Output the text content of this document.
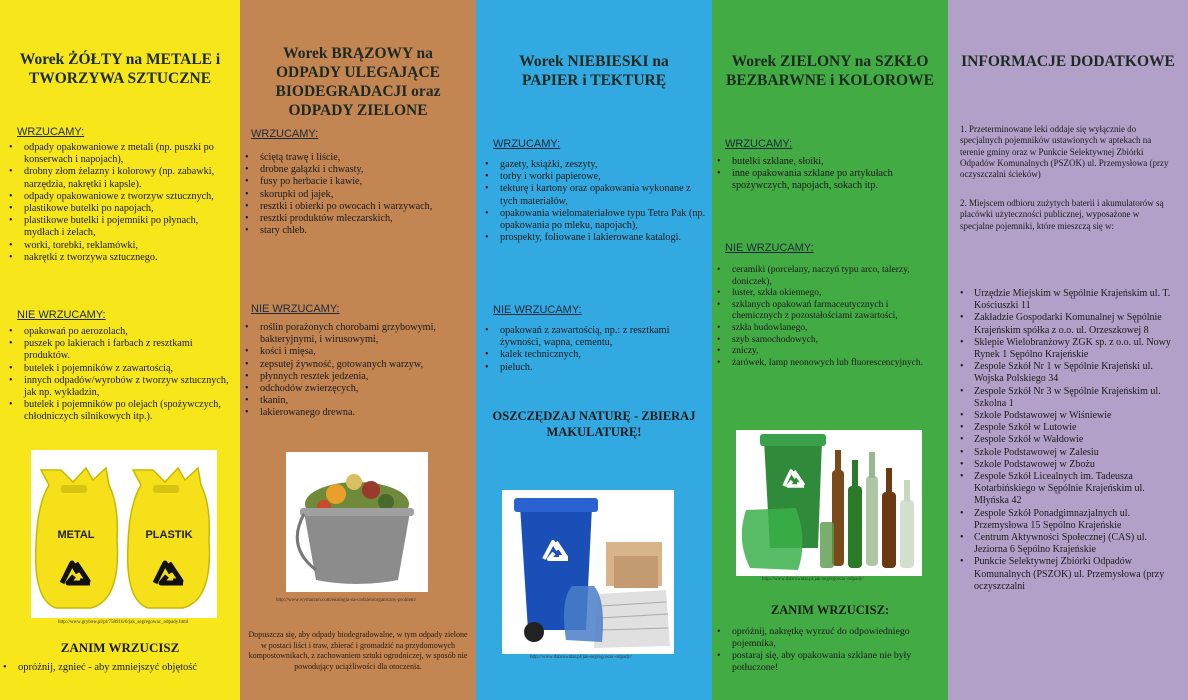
Worek ŻÓŁTY na METALE i TWORZYWA SZTUCZNE
WRZUCAMY:
• odpady opakowaniowe z metali (np. puszki po konserwach i napojach),
• drobny złom żelazny i kolorowy (np. zabawki, narzędzia, nakrętki i kapsle).
• odpady opakowaniowe z tworzyw sztucznych,
• plastikowe butelki po napojach,
• plastikowe butelki i pojemniki po płynach, mydłach i żelach,
• worki, torebki, reklamówki,
• nakrętki z tworzywa sztucznego.
NIE WRZUCAMY:
• opakowań po aerozolach,
• puszek po lakierach i farbach z resztkami produktów.
• butelek i pojemników z zawartością,
• innych odpadów/wyrobów z tworzyw sztucznych, jak np. wykładzin,
• butelek i pojemników po olejach (spożywczych, chłodniczych silnikowych itp.).
METAL	PLASTIK
http://www.grybow.pl/pl/758916/0/jak_segregowac_odpady.html
ZANIM WRZUCISZ
• opróżnij, zgnieć - aby zmniejszyć objętość
Worek BRĄZOWY na ODPADY ULEGAJĄCE BIODEGRADACJI oraz ODPADY ZIELONE
WRZUCAMY:
• ściętą trawę i liście,
• drobne gałązki i chwasty,
• fusy po herbacie i kawie,
• skorupki od jajek,
• resztki i obierki po owocach i warzywach,
• resztki produktów mleczarskich,
• stary chleb.
NIE WRZUCAMY:
• roślin porażonych chorobami grzybowymi, bakteryjnymi, i wirusowymi,
• kości i mięsa,
• zepsutej żywność, gotowanych warzyw,
• płynnych resztek jedzenia,
• odchodów zwierzęcych,
• tkanin,
• lakierowanego drewna.
http://www.wymarzon.com/ekologia-na-codzien/organiczny-problem/
Dopuszcza się, aby odpady biodegradowalne, w tym odpady zielone w postaci liści i traw, zbierać i gromadzić na przydomowych kompostownikach, z zachowaniem sztuki ogrodniczej, w sposób nie powodujący uciążliwości dla otoczenia.
Worek NIEBIESKI na PAPIER i TEKTURĘ
WRZUCAMY:
• gazety, książki, zeszyty,
• torby i worki papierowe,
• tekturę i kartony oraz opakowania wykonane z tych materiałów,
• opakowania wielomateriałowe typu Tetra Pak (np. opakowania po mleku, napojach),
• prospekty, foliowane i lakierowane katalogi.
NIE WRZUCAMY:
• opakowań z zawartością, np.: z resztkami żywności, wapna, cementu,
• kalek technicznych,
• pieluch.
OSZCZĘDZAJ NATURĘ - ZBIERAJ MAKULATURĘ!
http://www.dabrowatar.pl/jak-segregowac-odpady/
Worek ZIELONY na SZKŁO BEZBARWNE i KOLOROWE
WRZUCAMY:
• butelki szklane, słoiki,
• inne opakowania szklane po artykułach spożywczych, napojach, sokach itp.
NIE WRZUCAMY:
• ceramiki (porcelany, naczyń typu arco, talerzy, doniczek),
• luster, szkła okiennego,
• szklanych opakowań farmaceutycznych i chemicznych z pozostałościami zawartości,
• szkła budowlanego,
• szyb samochodowych,
• zniczy,
• żarówek, lamp neonowych lub fluorescencyjnych.
http://www.dabrowatar.pl/jak-segregowac-odpady/
ZANIM WRZUCISZ:
• opróżnij, nakrętkę wyrzuć do odpowiedniego pojemnika,
• postaraj się, aby opakowania szklane nie były potłuczone!
INFORMACJE DODATKOWE

1. Przeterminowane leki oddaje się wyłącznie do specjalnych pojemników ustawionych w aptekach na terenie gminy oraz w Punkcie Selektywnej Zbiórki Odpadów Komunalnych (PSZOK) ul. Przemysłowa (przy oczyszczalni ścieków)

2. Miejscem odbioru zużytych baterii i akumulatorów są placówki użyteczności publicznej, wyposażone w specjalne pojemniki, które mieszczą się w:

• Urzędzie Miejskim w Sępólnie Krajeńskim ul. T. Kościuszki 11
• Zakładzie Gospodarki Komunalnej w Sępólnie Krajeńskim spółka z o.o. ul. Orzeszkowej 8
• Sklepie Wielobranżowy ZGK sp. z o.o. ul. Nowy Rynek 1 Sępólno Krajeńskie
• Zespole Szkół Nr 1 w Sępólnie Krajeński ul. Wojska Polskiego 34
• Zespole Szkół Nr 3 w Sępólnie Krajeńskim ul. Szkolna 1
• Szkole Podstawowej w Wiśniewie
• Zespole Szkół w Lutowie
• Zespole Szkół w Wałdowie
• Szkole Podstawowej w Zalesiu
• Szkole Podstawowej w Zbożu
• Zespole Szkół Licealnych im. Tadeusza Kotarbińskiego w Sępólnie Krajeńskim ul. Młyńska 42
• Zespole Szkół Ponadgimnazjalnych ul. Przemysłowa 15 Sępólno Krajeńskie
• Centrum Aktywności Społecznej (CAS) ul. Jeziorna 6 Sępólno Krajeńskie
• Punkcie Selektywnej Zbiórki Odpadów Komunalnych (PSZOK) ul. Przemysłowa (przy oczyszczalni
